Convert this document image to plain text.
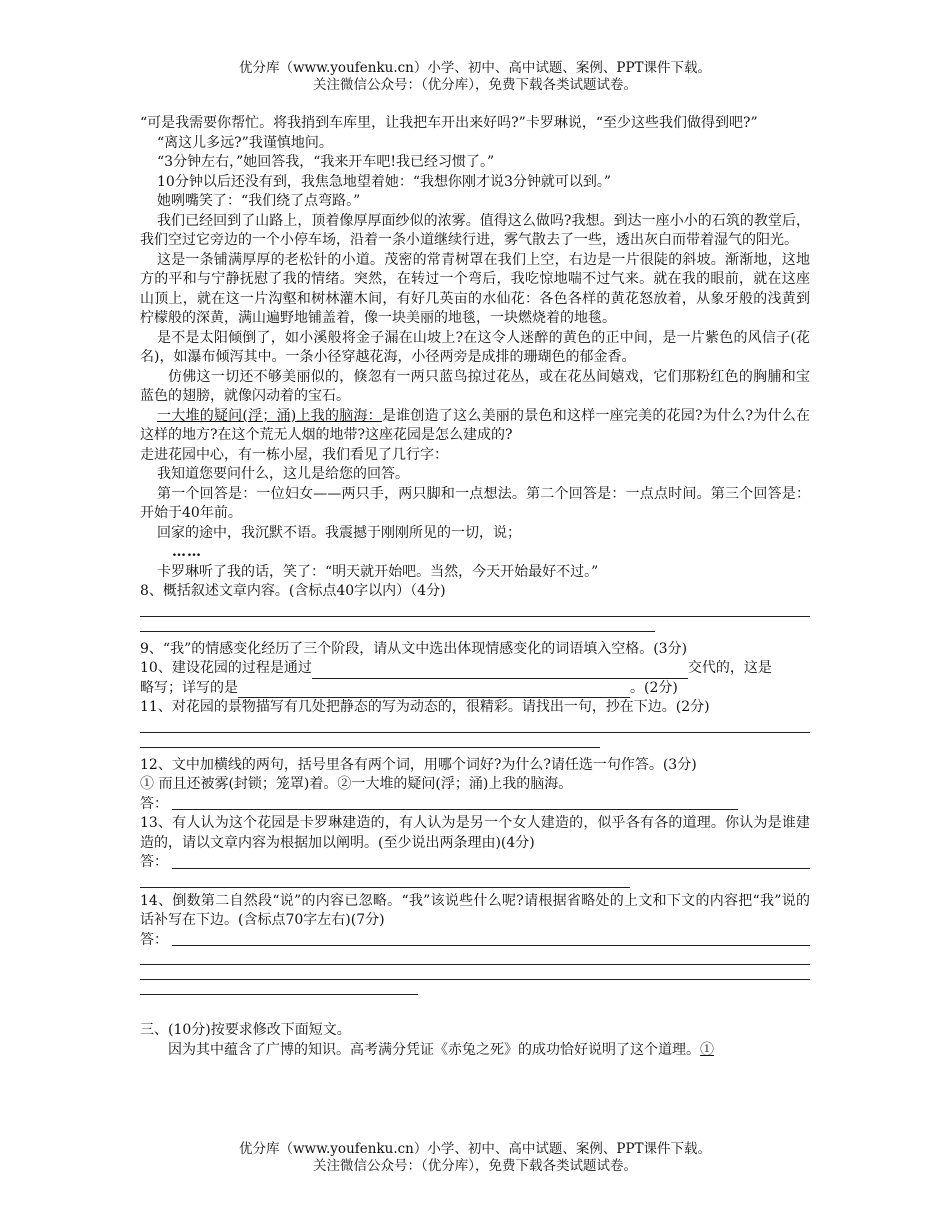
优分库（www.youfenku.cn）小学、初中、高中试题、案例、PPT课件下载。
关注微信公众号：（优分库），免费下载各类试题试卷。

“可是我需要你帮忙。将我捎到车库里，让我把车开出来好吗?”卡罗琳说，“至少这些我们做得到吧?”

“离这儿多远?”我谨慎地问。

“3分钟左右，”她回答我，“我来开车吧!我已经习惯了。”

10分钟以后还没有到，我焦急地望着她：“我想你刚才说3分钟就可以到。”

她咧嘴笑了：“我们绕了点弯路。”

我们已经回到了山路上，顶着像厚厚面纱似的浓雾。值得这么做吗?我想。到达一座小小的石筑的教堂后，我们空过它旁边的一个小停车场，沿着一条小道继续行进，雾气散去了一些，透出灰白而带着湿气的阳光。

这是一条铺满厚厚的老松针的小道。茂密的常青树罩在我们上空，右边是一片很陡的斜坡。渐渐地，这地方的平和与宁静抚慰了我的情绪。突然，在转过一个弯后，我吃惊地喘不过气来。就在我的眼前，就在这座山顶上，就在这一片沟壑和树林灌木间，有好几英亩的水仙花：各色各样的黄花怒放着，从象牙般的浅黄到柠檬般的深黄，满山遍野地铺盖着，像一块美丽的地毯，一块燃烧着的地毯。

是不是太阳倾倒了，如小溪般将金子漏在山坡上?在这令人迷醉的黄色的正中间，是一片紫色的风信子(花名)，如瀑布倾泻其中。一条小径穿越花海，小径两旁是成排的珊瑚色的郁金香。

仿佛这一切还不够美丽似的，倏忽有一两只蓝鸟掠过花丛，或在花丛间嬉戏，它们那粉红色的胸脯和宝蓝色的翅膀，就像闪动着的宝石。

一大堆的疑问(浮；涌)上我的脑海：是谁创造了这么美丽的景色和这样一座完美的花园?为什么?为什么在这样的地方?在这个荒无人烟的地带?这座花园是怎么建成的?

走进花园中心，有一栋小屋，我们看见了几行字：

我知道您要问什么，这儿是给您的回答。

第一个回答是：一位妇女——两只手，两只脚和一点想法。第二个回答是：一点点时间。第三个回答是：开始于40年前。

回家的途中，我沉默不语。我震撼于刚刚所见的一切，说；

……

卡罗琳听了我的话，笑了：“明天就开始吧。当然，今天开始最好不过。”

8、概括叙述文章内容。(含标点40字以内）（4分)

9、“我”的情感变化经历了三个阶段，请从文中选出体现情感变化的词语填入空格。(3分)

10、建设花园的过程是通过	交代的，这是

略写；详写的是	。(2分)

11、对花园的景物描写有几处把静态的写为动态的，很精彩。请找出一句，抄在下边。(2分)

12、文中加横线的两句，括号里各有两个词，用哪个词好?为什么?请任选一句作答。(3分)

① 而且还被雾(封锁；笼罩)着。②一大堆的疑问(浮；涌)上我的脑海。

答：

13、有人认为这个花园是卡罗琳建造的，有人认为是另一个女人建造的，似乎各有各的道理。你认为是谁建造的，请以文章内容为根据加以阐明。(至少说出两条理由)(4分)

答：

14、倒数第二自然段“说”的内容已忽略。“我”该说些什么呢?请根据省略处的上文和下文的内容把“我”说的话补写在下边。(含标点70字左右)(7分)

答：

三、(10分)按要求修改下面短文。

因为其中蕴含了广博的知识。高考满分凭证《赤兔之死》的成功恰好说明了这个道理。①

优分库（www.youfenku.cn）小学、初中、高中试题、案例、PPT课件下载。
关注微信公众号：（优分库），免费下载各类试题试卷。
